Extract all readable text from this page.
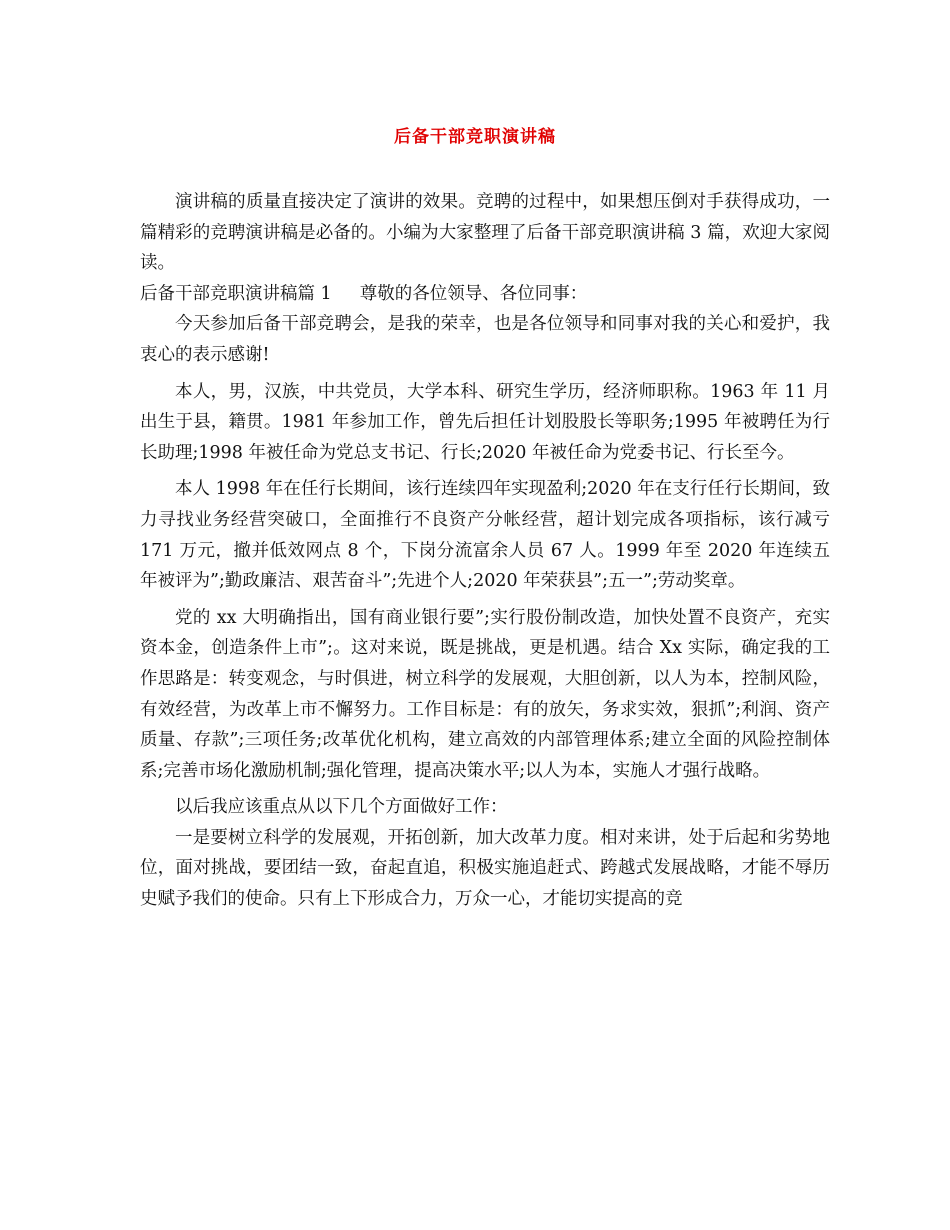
后备干部竞职演讲稿

演讲稿的质量直接决定了演讲的效果。竞聘的过程中，如果想压倒对手获得成功，一篇精彩的竞聘演讲稿是必备的。小编为大家整理了后备干部竞职演讲稿 3 篇，欢迎大家阅读。

后备干部竞职演讲稿篇 1 尊敬的各位领导、各位同事：

今天参加后备干部竞聘会，是我的荣幸，也是各位领导和同事对我的关心和爱护，我衷心的表示感谢!

本人，男，汉族，中共党员，大学本科、研究生学历，经济师职称。1963 年 11 月出生于县，籍贯。1981 年参加工作，曾先后担任计划股股长等职务;1995 年被聘任为行长助理;1998 年被任命为党总支书记、行长;2020 年被任命为党委书记、行长至今。

本人 1998 年在任行长期间，该行连续四年实现盈利;2020 年在支行任行长期间，致力寻找业务经营突破口，全面推行不良资产分帐经营，超计划完成各项指标，该行减亏 171 万元，撤并低效网点 8 个，下岗分流富余人员 67 人。1999 年至 2020 年连续五年被评为”;勤政廉洁、艰苦奋斗”;先进个人;2020 年荣获县”;五一”;劳动奖章。

党的 xx 大明确指出，国有商业银行要”;实行股份制改造，加快处置不良资产，充实资本金，创造条件上市”;。这对来说，既是挑战，更是机遇。结合 Xx 实际，确定我的工作思路是：转变观念，与时俱进，树立科学的发展观，大胆创新，以人为本，控制风险，有效经营，为改革上市不懈努力。工作目标是：有的放矢，务求实效，狠抓”;利润、资产质量、存款”;三项任务;改革优化机构，建立高效的内部管理体系;建立全面的风险控制体系;完善市场化激励机制;强化管理，提高决策水平;以人为本，实施人才强行战略。

以后我应该重点从以下几个方面做好工作：

一是要树立科学的发展观，开拓创新，加大改革力度。相对来讲，处于后起和劣势地位，面对挑战，要团结一致，奋起直追，积极实施追赶式、跨越式发展战略，才能不辱历史赋予我们的使命。只有上下形成合力，万众一心，才能切实提高的竞
